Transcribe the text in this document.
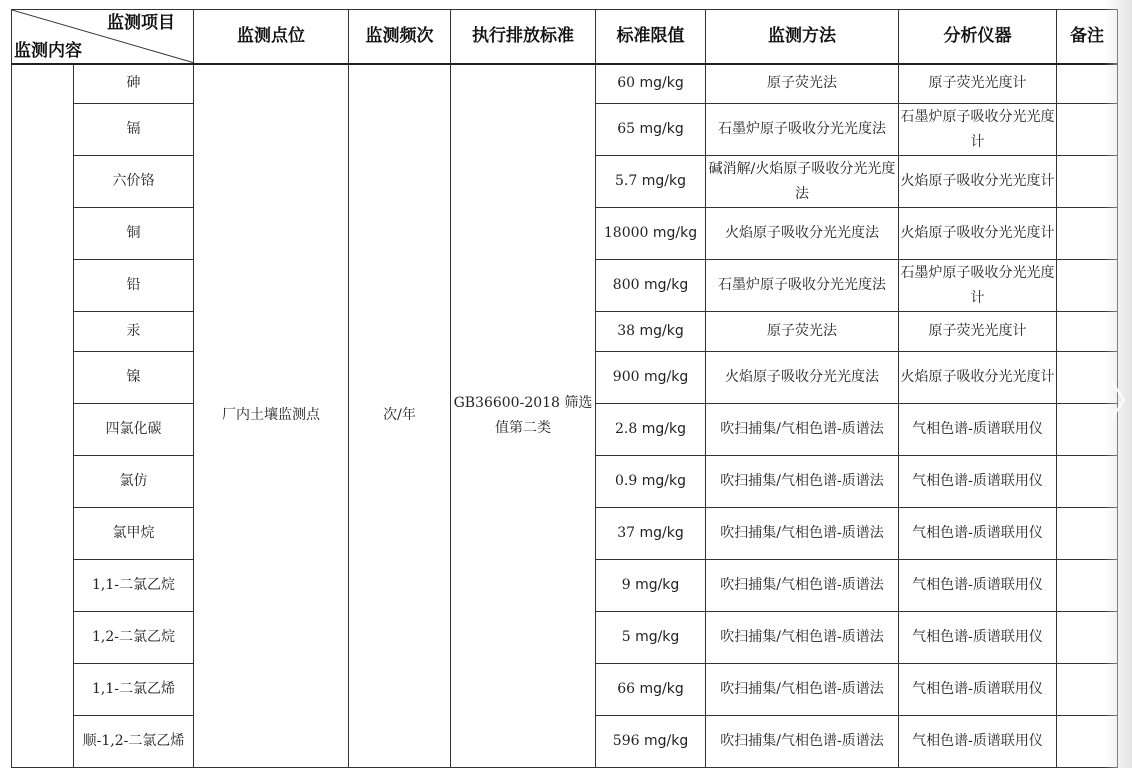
监测项目
监测内容		监测点位	监测频次	执行排放标准	标准限值	监测方法	分析仪器	备注
	砷	厂内土壤监测点	次/年	GB36600-2018 筛选值第二类	60 mg/kg	原子荧光法	原子荧光光度计	
	镉				65 mg/kg	石墨炉原子吸收分光光度法	石墨炉原子吸收分光光度计	
	六价铬				5.7 mg/kg	碱消解/火焰原子吸收分光光度法	火焰原子吸收分光光度计	
	铜				18000 mg/kg	火焰原子吸收分光光度法	火焰原子吸收分光光度计	
	铅				800 mg/kg	石墨炉原子吸收分光光度法	石墨炉原子吸收分光光度计	
	汞				38 mg/kg	原子荧光法	原子荧光光度计	
	镍				900 mg/kg	火焰原子吸收分光光度法	火焰原子吸收分光光度计	
	四氯化碳				2.8 mg/kg	吹扫捕集/气相色谱-质谱法	气相色谱-质谱联用仪	
	氯仿				0.9 mg/kg	吹扫捕集/气相色谱-质谱法	气相色谱-质谱联用仪	
	氯甲烷				37 mg/kg	吹扫捕集/气相色谱-质谱法	气相色谱-质谱联用仪	
	1,1-二氯乙烷				9 mg/kg	吹扫捕集/气相色谱-质谱法	气相色谱-质谱联用仪	
	1,2-二氯乙烷				5 mg/kg	吹扫捕集/气相色谱-质谱法	气相色谱-质谱联用仪	
	1,1-二氯乙烯				66 mg/kg	吹扫捕集/气相色谱-质谱法	气相色谱-质谱联用仪	
	顺-1,2-二氯乙烯				596 mg/kg	吹扫捕集/气相色谱-质谱法	气相色谱-质谱联用仪	
